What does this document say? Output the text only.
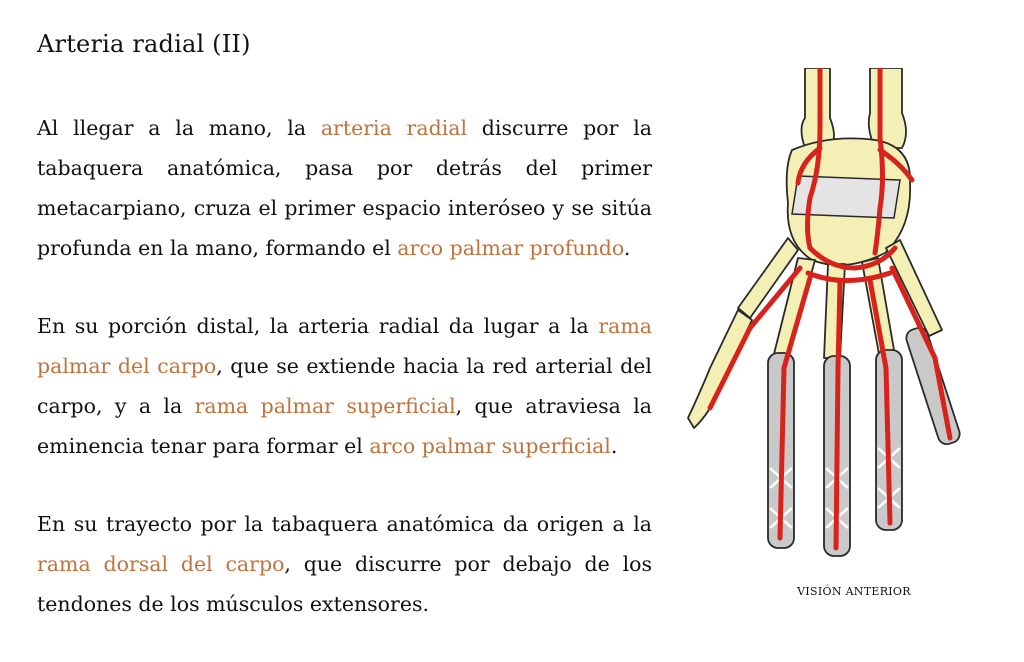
Arteria radial (II)

Al llegar a la mano, la arteria radial discurre por la tabaquera anatómica, pasa por detrás del primer metacarpiano, cruza el primer espacio interóseo y se sitúa profunda en la mano, formando el arco palmar profundo.

En su porción distal, la arteria radial da lugar a la rama palmar del carpo, que se extiende hacia la red arterial del carpo, y a la rama palmar superficial, que atraviesa la eminencia tenar para formar el arco palmar superficial.

En su trayecto por la tabaquera anatómica da origen a la rama dorsal del carpo, que discurre por debajo de los tendones de los músculos extensores.

VISIÓN ANTERIOR
